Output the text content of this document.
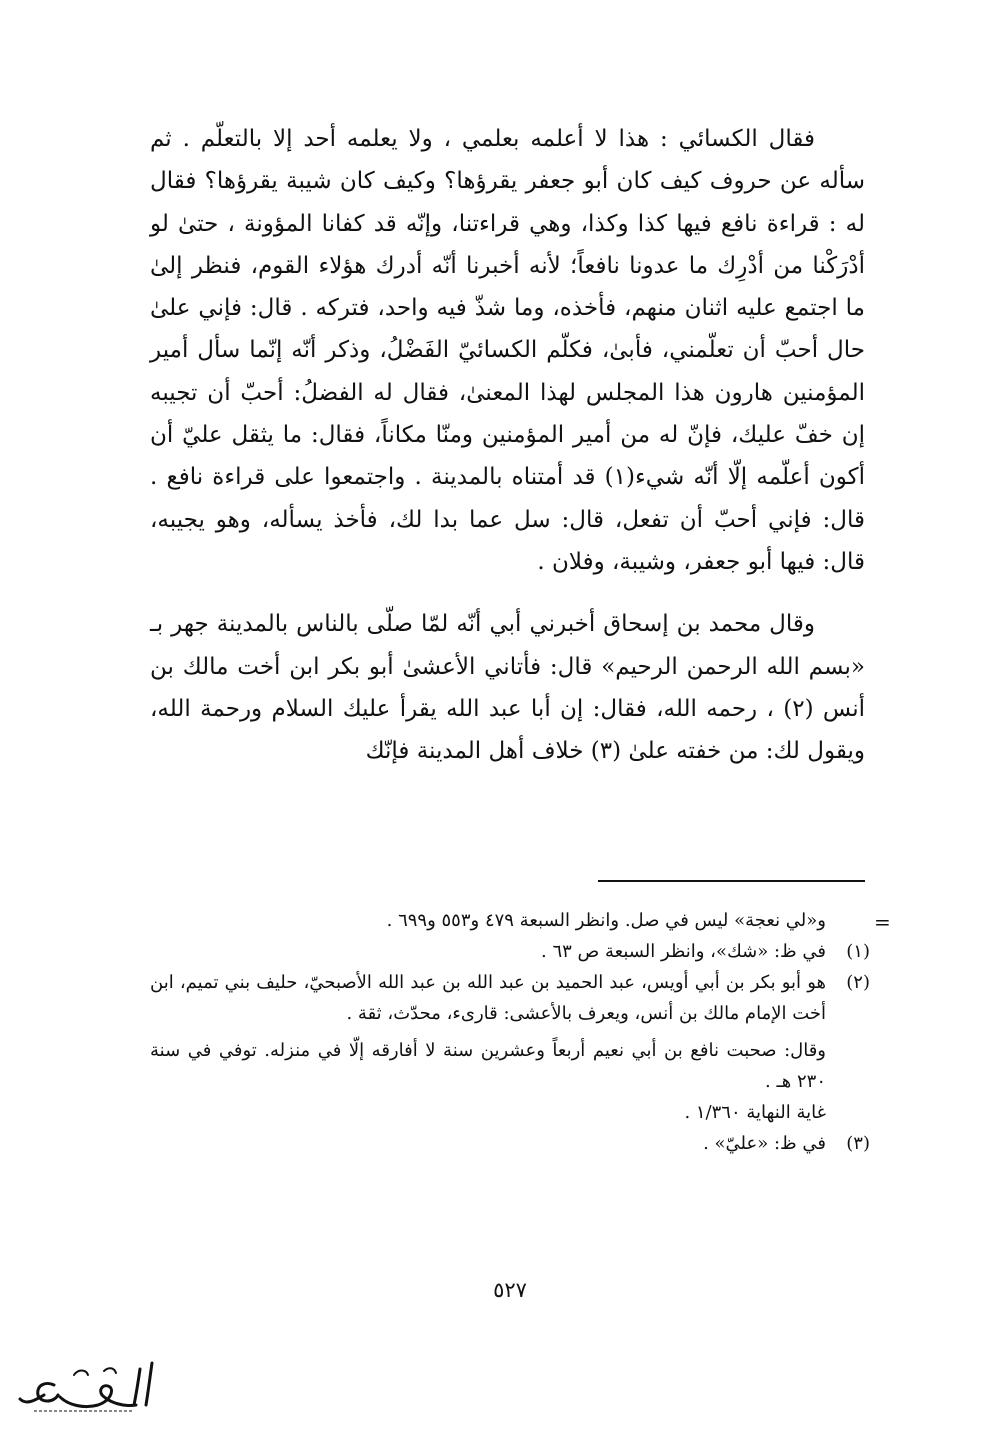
فقال الكسائي : هذا لا أعلمه بعلمي ، ولا يعلمه أحد إلا بالتعلّم . ثم سأله عن حروف كيف كان أبو جعفر يقرؤها؟ وكيف كان شيبة يقرؤها؟ فقال له : قراءة نافع فيها كذا وكذا، وهي قراءتنا، وإنّه قد كفانا المؤونة ، حتىٰ لو أدْرَكْنا من أدْرِك ما عدونا نافعاً؛ لأنه أخبرنا أنّه أدرك هؤلاء القوم، فنظر إلىٰ ما اجتمع عليه اثنان منهم، فأخذه، وما شذّ فيه واحد، فتركه . قال: فإني علىٰ حال أحبّ أن تعلّمني، فأبىٰ، فكلّم الكسائيّ الفَضْلُ، وذكر أنّه إنّما سأل أمير المؤمنين هارون هذا المجلس لهذا المعنىٰ، فقال له الفضلُ: أحبّ أن تجيبه إن خفّ عليك، فإنّ له من أمير المؤمنين ومنّا مكاناً، فقال: ما يثقل عليّ أن أكون أعلّمه إلّا أنّه شيء(١) قد أمتناه بالمدينة . واجتمعوا على قراءة نافع . قال: فإني أحبّ أن تفعل، قال: سل عما بدا لك، فأخذ يسأله، وهو يجيبه، قال: فيها أبو جعفر، وشيبة، وفلان .

وقال محمد بن إسحاق أخبرني أبي أنّه لمّا صلّى بالناس بالمدينة جهر بـ «بسم الله الرحمن الرحيم» قال: فأتاني الأعشىٰ أبو بكر ابن أخت مالك بن أنس (٢) ، رحمه الله، فقال: إن أبا عبد الله يقرأ عليك السلام ورحمة الله، ويقول لك: من خفته علىٰ (٣) خلاف أهل المدينة فإنّك

=
و«لي نعجة» ليس في صل. وانظر السبعة ٤٧٩ و٥٥٣ و٦٩٩ .
(١)
في ظ: «شك»، وانظر السبعة ص ٦٣ .
(٢)
هو أبو بكر بن أبي أويس، عبد الحميد بن عبد الله بن عبد الله الأصبحيّ، حليف بني تميم، ابن أخت الإمام مالك بن أنس، ويعرف بالأعشى: قارىء، محدّث، ثقة .
وقال: صحبت نافع بن أبي نعيم أربعاً وعشرين سنة لا أفارقه إلّا في منزله. توفي في سنة ٢٣٠ هـ .
غاية النهاية ١/٣٦٠ .
(٣)
في ظ: «عليّ» .
٥٢٧
